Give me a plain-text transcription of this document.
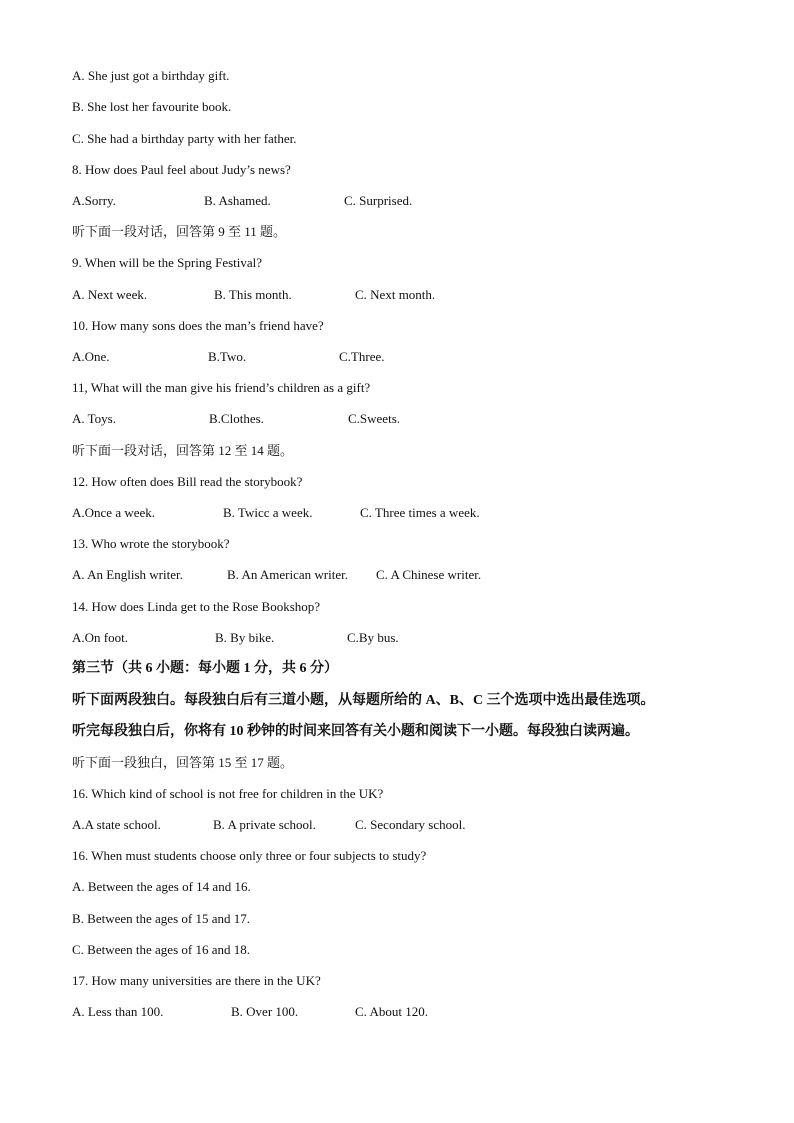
A. She just got a birthday gift.
B. She lost her favourite book.
C. She had a birthday party with her father.
8. How does Paul feel about Judy’s news?
A.Sorry.	B. Ashamed.	C. Surprised.
听下面一段对话，回答第 9 至 11 题。
9. When will be the Spring Festival?
A. Next week.	B. This month.	C. Next month.
10. How many sons does the man’s friend have?
A.One.	B.Two.	C.Three.
11, What will the man give his friend’s children as a gift?
A. Toys.	B.Clothes.	C.Sweets.
听下面一段对话，回答第 12 至 14 题。
12. How often does Bill read the storybook?
A.Once a week.	B. Twicc a week.	C. Three times a week.
13. Who wrote the storybook?
A. An English writer.	B. An American writer. C. A Chinese writer.
14. How does Linda get to the Rose Bookshop?
A.On foot.	B. By bike.	C.By bus.
第三节（共 6 小题：每小题 1 分，共 6 分）
听下面两段独白。每段独白后有三道小题，从每题所给的 A、B、C 三个选项中选出最佳选项。
听完每段独白后，你将有 10 秒钟的时间来回答有关小题和阅读下一小题。每段独白读两遍。
听下面一段独白，回答第 15 至 17 题。
16. Which kind of school is not free for children in the UK?
A.A state school.	B. A private school.	C. Secondary school.
16. When must students choose only three or four subjects to study?
A. Between the ages of 14 and 16.
B. Between the ages of 15 and 17.
C. Between the ages of 16 and 18.
17. How many universities are there in the UK?
A. Less than 100.	B. Over 100.	C. About 120.
